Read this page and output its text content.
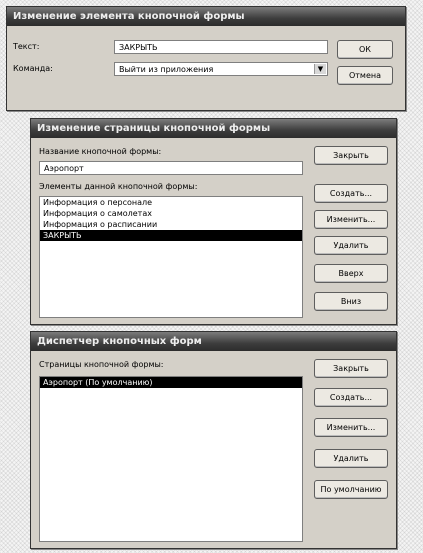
Изменение элемента кнопочной формы
Текст:	ЗАКРЫТЬ
Команда:	Выйти из приложения	▼
ОК
Отмена
Изменение страницы кнопочной формы
Название кнопочной формы:
Аэропорт
Элементы данной кнопочной формы:
Информация о персонале
Информация о самолетах
Информация о расписании
ЗАКРЫТЬ
Закрыть
Создать...
Изменить...
Удалить
Вверх
Вниз
Диспетчер кнопочных форм
Страницы кнопочной формы:
Аэропорт (По умолчанию)
Закрыть
Создать...
Изменить...
Удалить
По умолчанию
